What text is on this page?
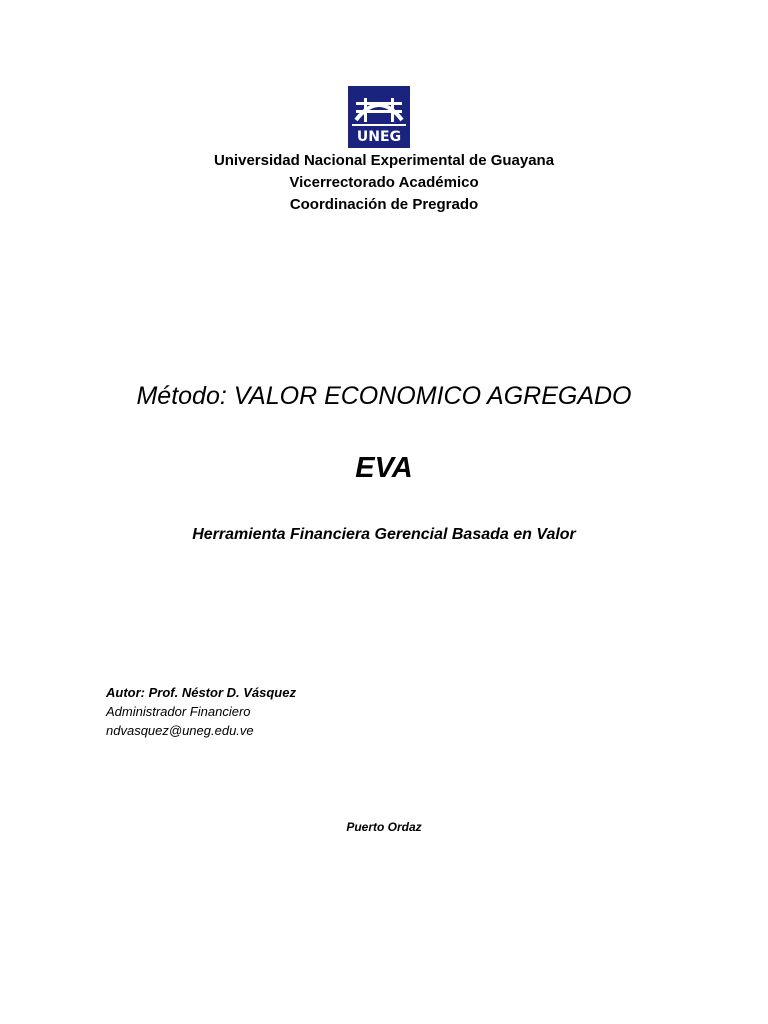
UNEG
Universidad Nacional Experimental de Guayana
Vicerrectorado Académico
Coordinación de Pregrado
Método: VALOR ECONOMICO AGREGADO
EVA
Herramienta Financiera Gerencial Basada en Valor
Autor: Prof. Néstor D. Vásquez
Administrador Financiero
ndvasquez@uneg.edu.ve
Puerto Ordaz
